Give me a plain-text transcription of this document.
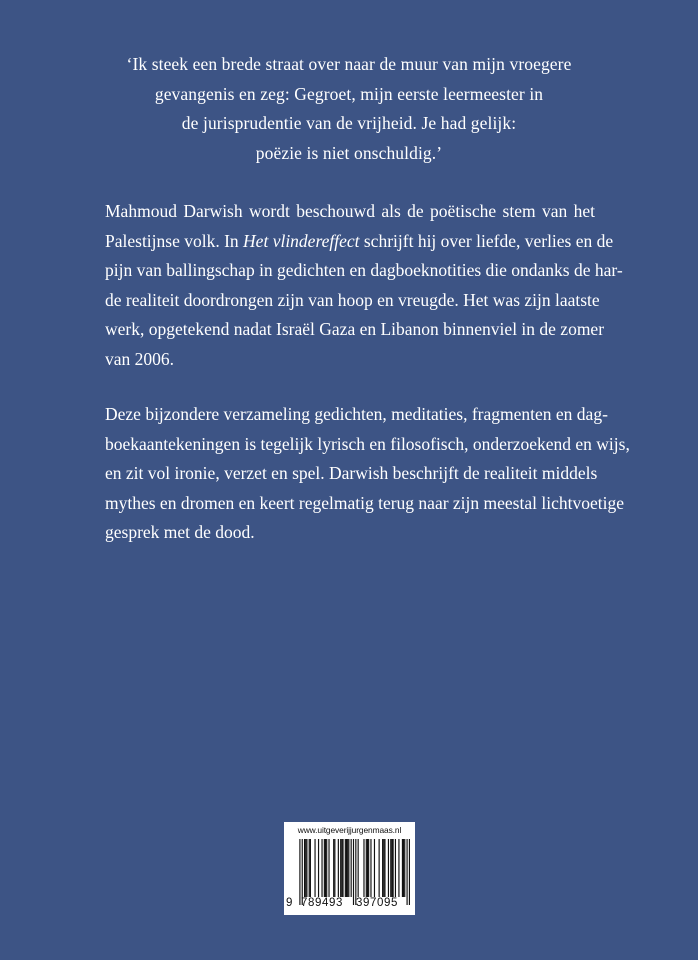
‘Ik steek een brede straat over naar de muur van mijn vroegere
gevangenis en zeg: Gegroet, mijn eerste leermeester in
de jurisprudentie van de vrijheid. Je had gelijk:
poëzie is niet onschuldig.’
Mahmoud Darwish wordt beschouwd als de poëtische stem van het
Palestijnse volk. In Het vlindereffect schrijft hij over liefde, verlies en de
pijn van ballingschap in gedichten en dagboeknotities die ondanks de har-
de realiteit doordrongen zijn van hoop en vreugde. Het was zijn laatste
werk, opgetekend nadat Israël Gaza en Libanon binnenviel in de zomer
van 2006.
Deze bijzondere verzameling gedichten, meditaties, fragmenten en dag-
boekaantekeningen is tegelijk lyrisch en filosofisch, onderzoekend en wijs,
en zit vol ironie, verzet en spel. Darwish beschrijft de realiteit middels
mythes en dromen en keert regelmatig terug naar zijn meestal lichtvoetige
gesprek met de dood.
www.uitgeverijjurgenmaas.nl
9 789493 397095
